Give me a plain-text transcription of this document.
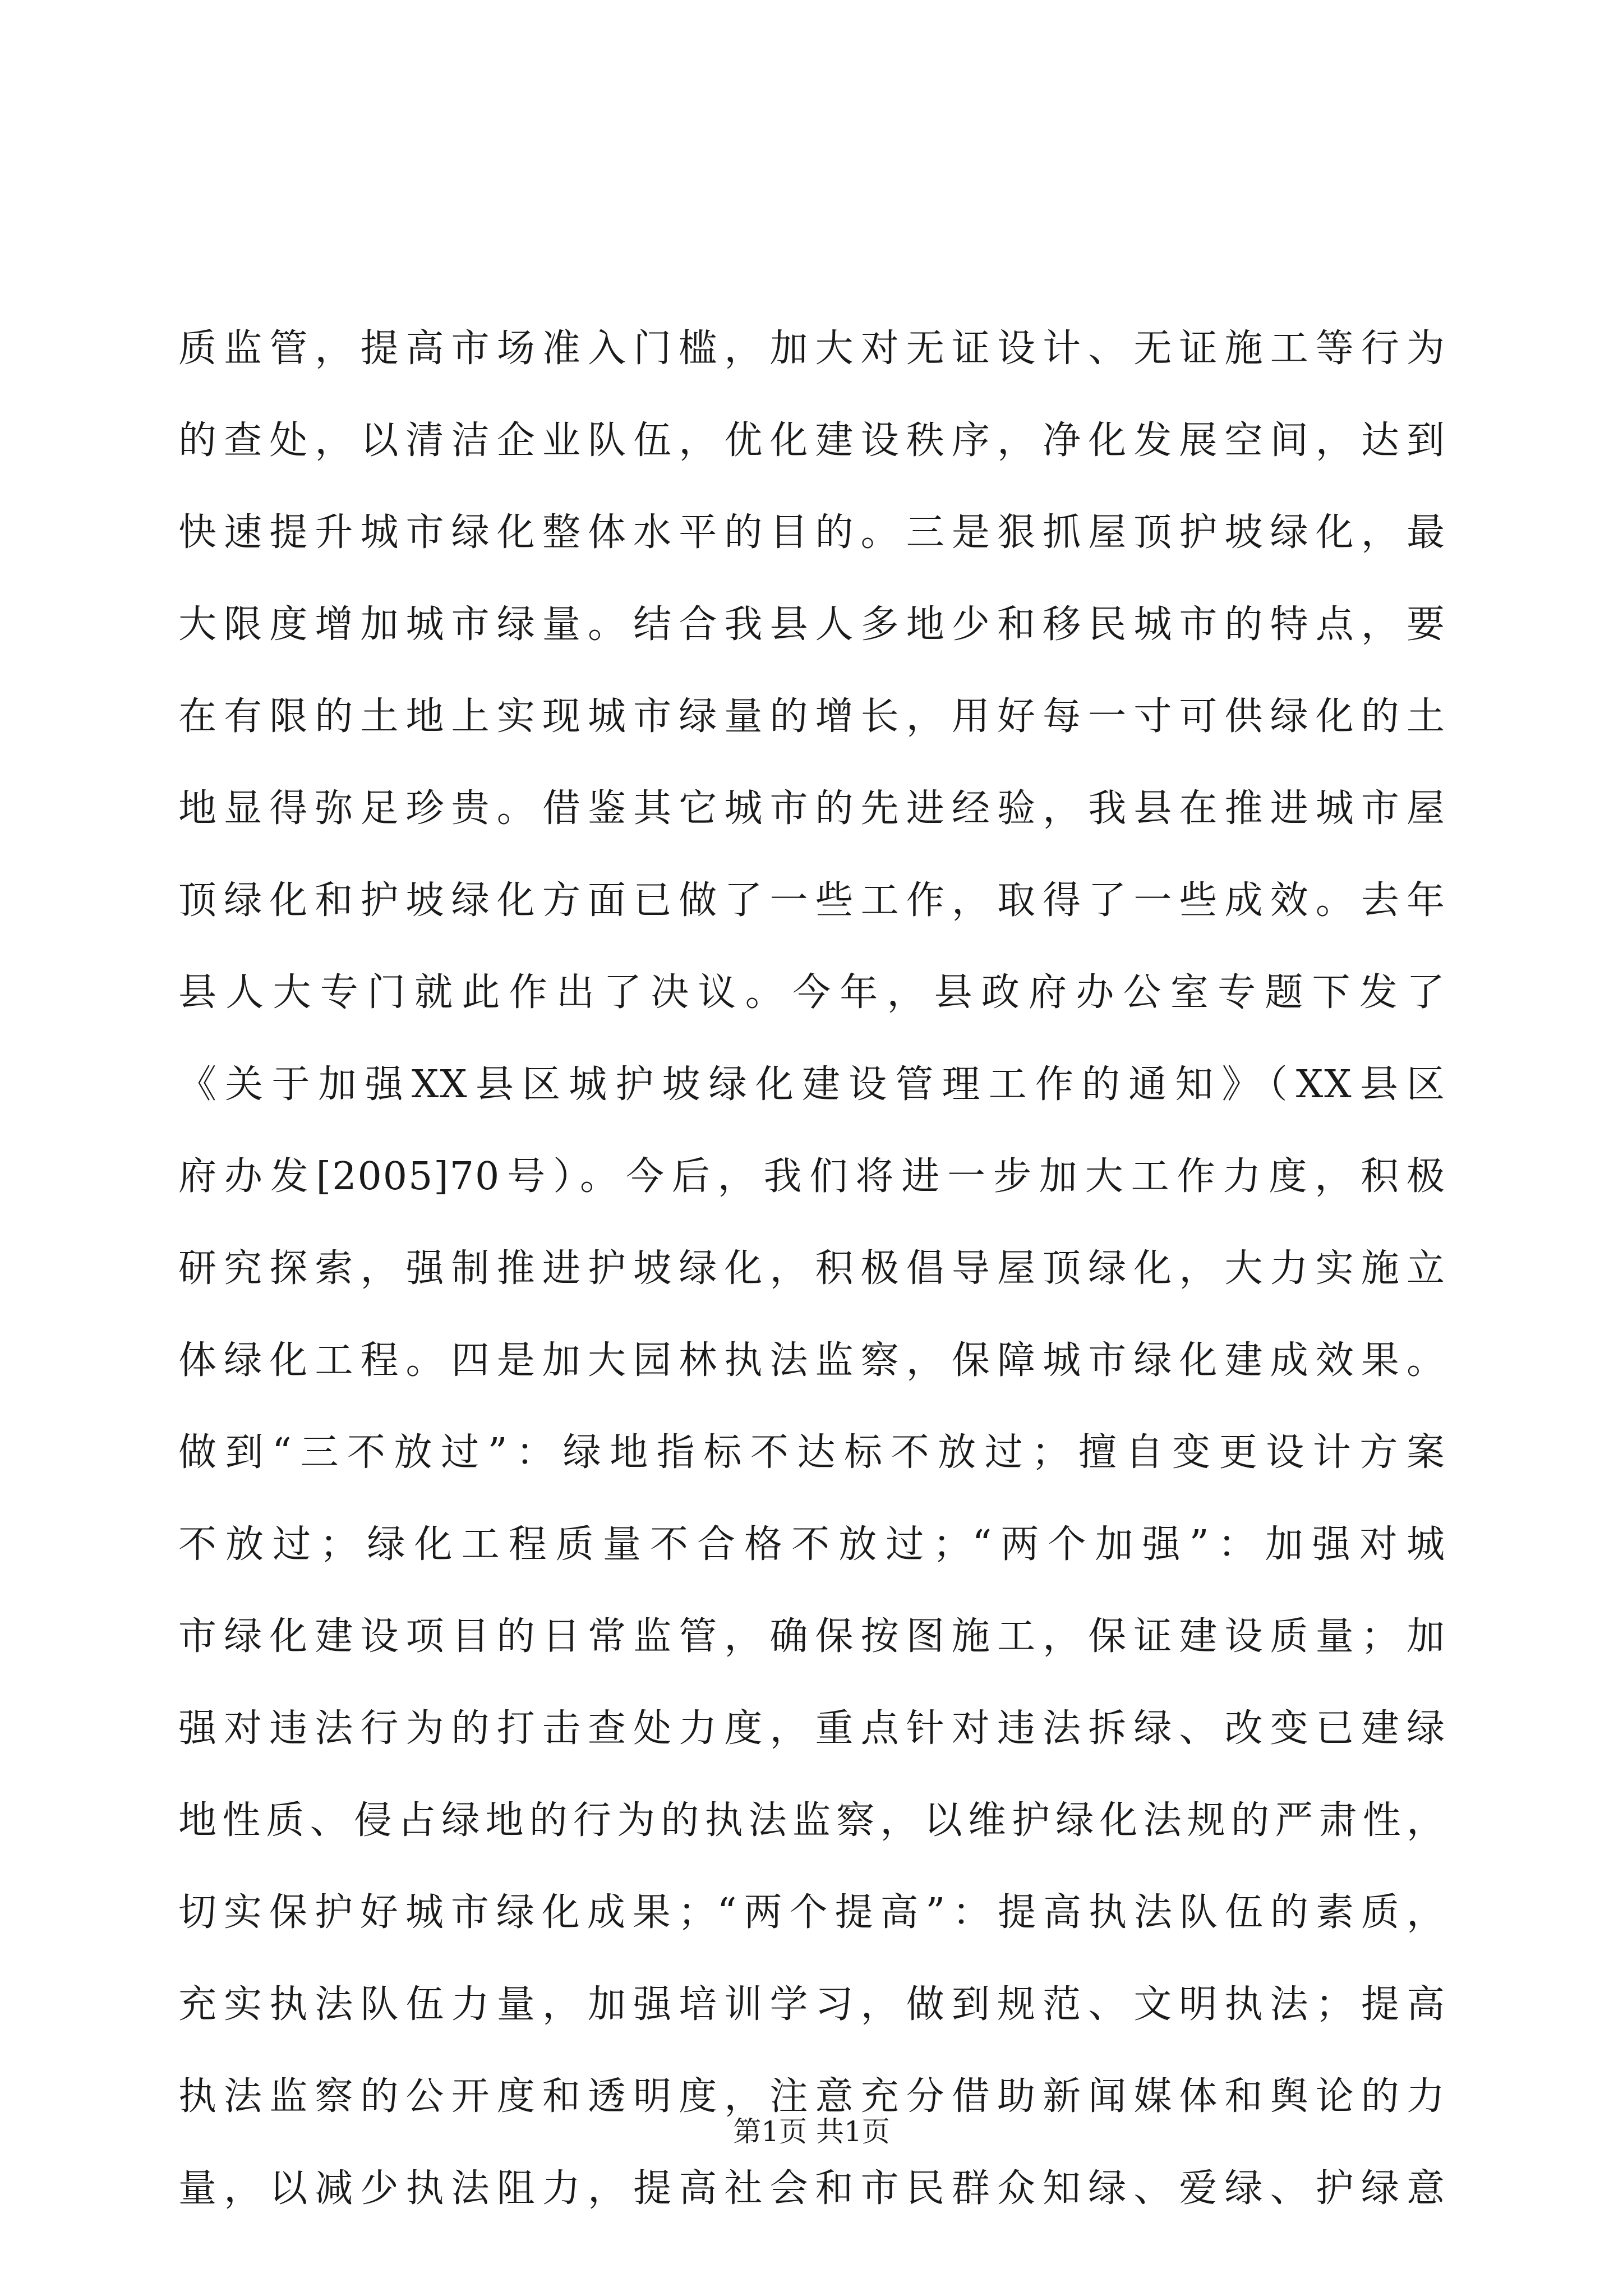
质监管，提高市场准入门槛，加大对无证设计、无证施工等行为
的查处，以清洁企业队伍，优化建设秩序，净化发展空间，达到
快速提升城市绿化整体水平的目的。三是狠抓屋顶护坡绿化，最
大限度增加城市绿量。结合我县人多地少和移民城市的特点，要
在有限的土地上实现城市绿量的增长，用好每一寸可供绿化的土
地显得弥足珍贵。借鉴其它城市的先进经验，我县在推进城市屋
顶绿化和护坡绿化方面已做了一些工作，取得了一些成效。去年
县人大专门就此作出了决议。今年，县政府办公室专题下发了
《关于加强XX县区城护坡绿化建设管理工作的通知》（XX县区
府办发[2005]70号）。今后，我们将进一步加大工作力度，积极
研究探索，强制推进护坡绿化，积极倡导屋顶绿化，大力实施立
体绿化工程。四是加大园林执法监察，保障城市绿化建成效果。
做到“三不放过”：绿地指标不达标不放过；擅自变更设计方案
不放过；绿化工程质量不合格不放过；“两个加强”：加强对城
市绿化建设项目的日常监管，确保按图施工，保证建设质量；加
强对违法行为的打击查处力度，重点针对违法拆绿、改变已建绿
地性质、侵占绿地的行为的执法监察，以维护绿化法规的严肃性，
切实保护好城市绿化成果；“两个提高”：提高执法队伍的素质，
充实执法队伍力量，加强培训学习，做到规范、文明执法；提高
执法监察的公开度和透明度，注意充分借助新闻媒体和舆论的力
量，以减少执法阻力，提高社会和市民群众知绿、爱绿、护绿意
第1页 共1页
